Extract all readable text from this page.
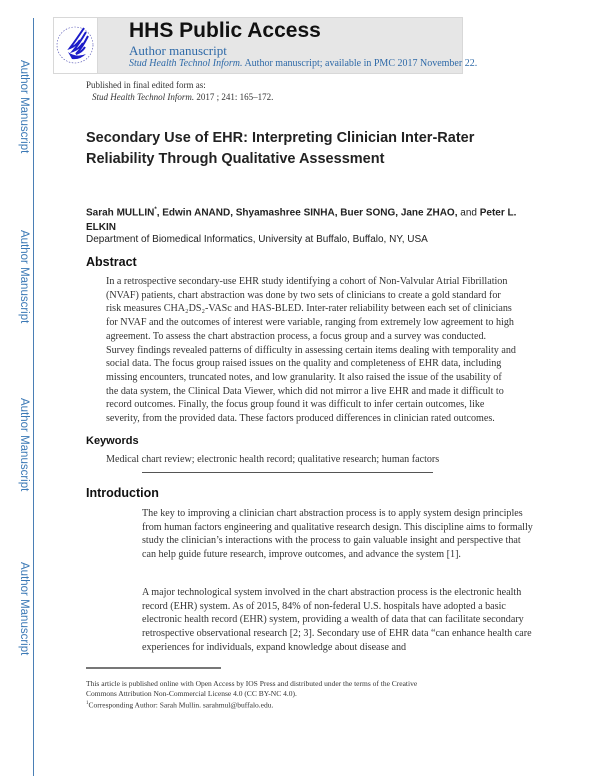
Author Manuscript
Author Manuscript
Author Manuscript
Author Manuscript
HHS Public Access
Author manuscript
Stud Health Technol Inform. Author manuscript; available in PMC 2017 November 22.
Published in final edited form as:
Stud Health Technol Inform. 2017 ; 241: 165–172.
Secondary Use of EHR: Interpreting Clinician Inter-Rater Reliability Through Qualitative Assessment
Sarah MULLIN*, Edwin ANAND, Shyamashree SINHA, Buer SONG, Jane ZHAO, and Peter L. ELKIN
Department of Biomedical Informatics, University at Buffalo, Buffalo, NY, USA
Abstract
In a retrospective secondary-use EHR study identifying a cohort of Non-Valvular Atrial Fibrillation (NVAF) patients, chart abstraction was done by two sets of clinicians to create a gold standard for risk measures CHA₂DS₂-VASc and HAS-BLED. Inter-rater reliability between each set of clinicians for NVAF and the outcomes of interest were variable, ranging from extremely low agreement to high agreement. To assess the chart abstraction process, a focus group and a survey was conducted. Survey findings revealed patterns of difficulty in assessing certain items dealing with temporality and social data. The focus group raised issues on the quality and completeness of EHR data, including missing encounters, truncated notes, and low granularity. It also raised the issue of the usability of the data system, the Clinical Data Viewer, which did not mirror a live EHR and made it difficult to record outcomes. Finally, the focus group found it was difficult to infer certain outcomes, like severity, from the provided data. These factors produced differences in clinician rated outcomes.
Keywords
Medical chart review; electronic health record; qualitative research; human factors
Introduction
The key to improving a clinician chart abstraction process is to apply system design principles from human factors engineering and qualitative research design. This discipline aims to formally study the clinician’s interactions with the process to gain valuable insight and perspective that can help guide future research, improve outcomes, and advance the system [1].
A major technological system involved in the chart abstraction process is the electronic health record (EHR) system. As of 2015, 84% of non-federal U.S. hospitals have adopted a basic electronic health record (EHR) system, providing a wealth of data that can facilitate secondary retrospective observational research [2; 3]. Secondary use of EHR data “can enhance health care experiences for individuals, expand knowledge about disease and
This article is published online with Open Access by IOS Press and distributed under the terms of the Creative Commons Attribution Non-Commercial License 4.0 (CC BY-NC 4.0).
$^1$Corresponding Author: Sarah Mullin. sarahmul@buffalo.edu.
